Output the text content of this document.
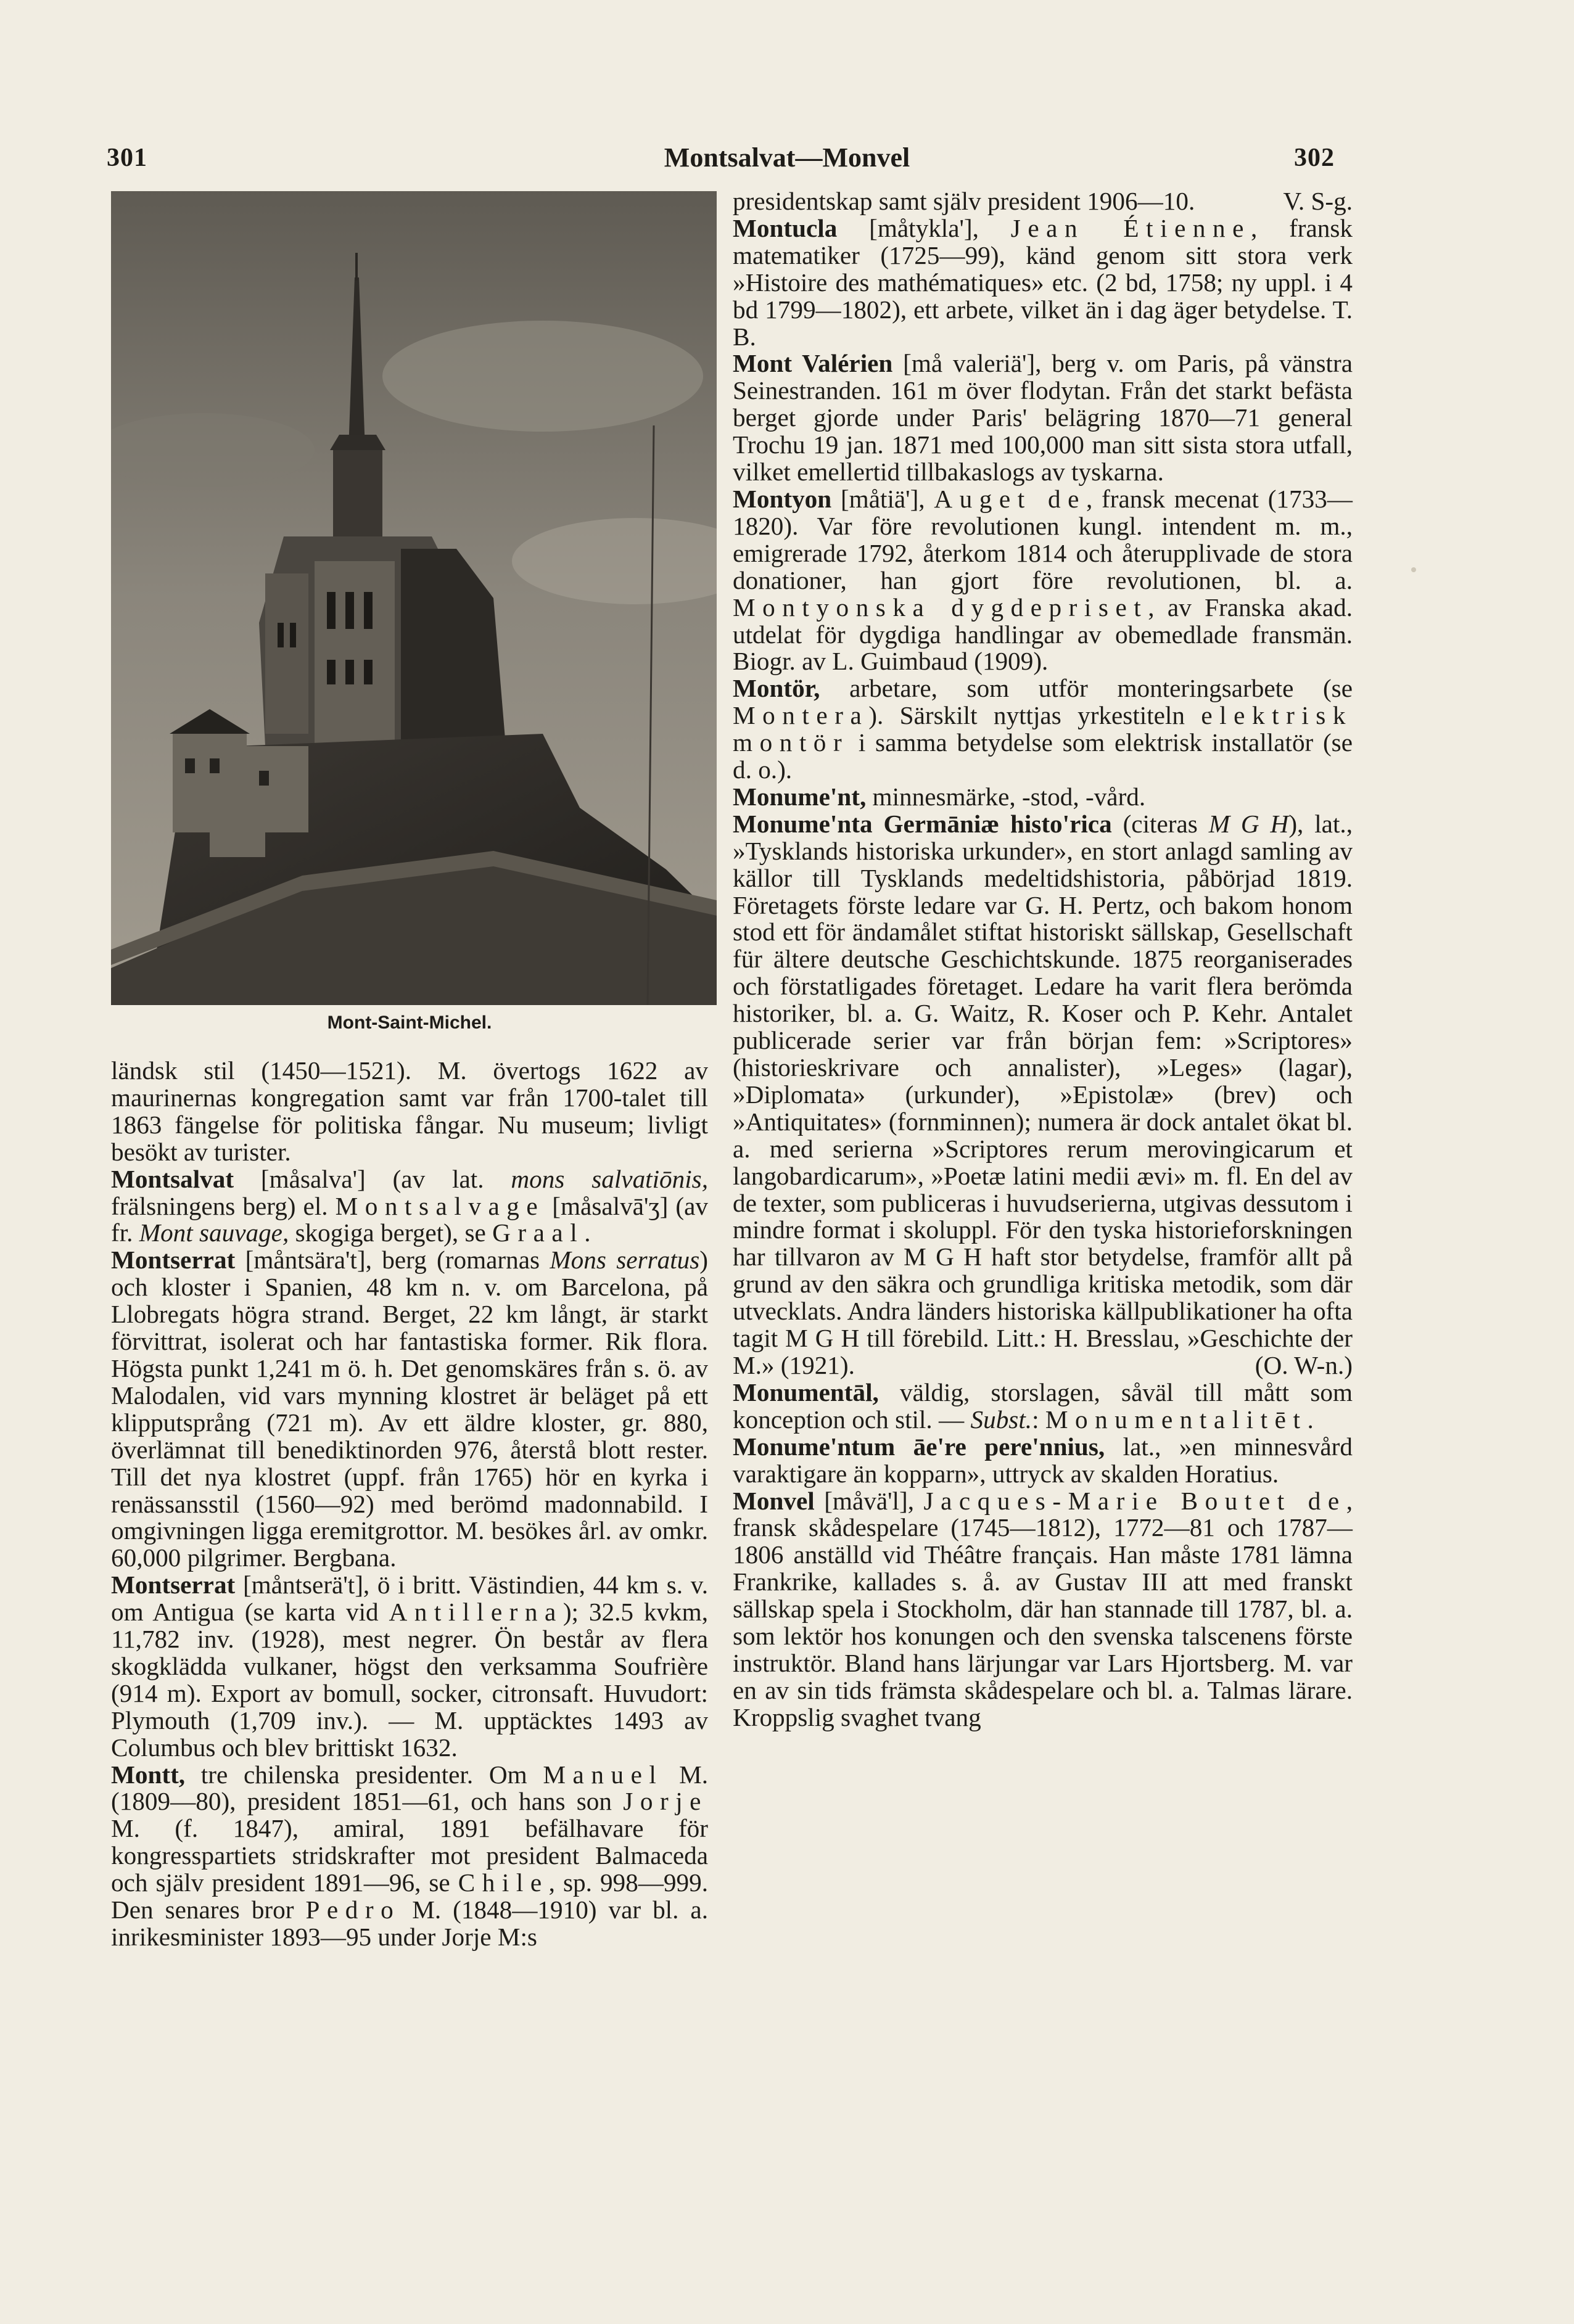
301	Montsalvat—Monvel	302
Mont-Saint-Michel.

ländsk stil (1450—1521). M. övertogs 1622 av maurinernas kongregation samt var från 1700-talet till 1863 fängelse för politiska fångar. Nu museum; livligt besökt av turister.

Montsalvat [måsalva'] (av lat. mons salvatiōnis, frälsningens berg) el. Montsalvage [måsalvā'ʒ] (av fr. Mont sauvage, skogiga berget), se Graal.

Montserrat [måntsära't], berg (romarnas Mons serratus) och kloster i Spanien, 48 km n. v. om Barcelona, på Llobregats högra strand. Berget, 22 km långt, är starkt förvittrat, isolerat och har fantastiska former. Rik flora. Högsta punkt 1,241 m ö. h. Det genomskäres från s. ö. av Malodalen, vid vars mynning klostret är beläget på ett klipputsprång (721 m). Av ett äldre kloster, gr. 880, överlämnat till benediktinorden 976, återstå blott rester. Till det nya klostret (uppf. från 1765) hör en kyrka i renässansstil (1560—92) med berömd madonnabild. I omgivningen ligga eremitgrottor. M. besökes årl. av omkr. 60,000 pilgrimer. Bergbana.

Montserrat [måntserä't], ö i britt. Västindien, 44 km s. v. om Antigua (se karta vid Antillerna); 32.5 kvkm, 11,782 inv. (1928), mest negrer. Ön består av flera skogklädda vulkaner, högst den verksamma Soufrière (914 m). Export av bomull, socker, citronsaft. Huvudort: Plymouth (1,709 inv.). — M. upptäcktes 1493 av Columbus och blev brittiskt 1632.

Montt, tre chilenska presidenter. Om Manuel M. (1809—80), president 1851—61, och hans son Jorje M. (f. 1847), amiral, 1891 befälhavare för kongresspartiets stridskrafter mot president Balmaceda och själv president 1891—96, se Chile, sp. 998—999. Den senares bror Pedro M. (1848—1910) var bl. a. inrikesminister 1893—95 under Jorje M:s

presidentskap samt själv president 1906—10.	V. S-g.

Montucla [måtykla'], Jean Étienne, fransk matematiker (1725—99), känd genom sitt stora verk »Histoire des mathématiques» etc. (2 bd, 1758; ny uppl. i 4 bd 1799—1802), ett arbete, vilket än i dag äger betydelse. T. B.

Mont Valérien [må valeriä'], berg v. om Paris, på vänstra Seinestranden. 161 m över flodytan. Från det starkt befästa berget gjorde under Paris' belägring 1870—71 general Trochu 19 jan. 1871 med 100,000 man sitt sista stora utfall, vilket emellertid tillbakaslogs av tyskarna.

Montyon [måtiä'], Auget de, fransk mecenat (1733—1820). Var före revolutionen kungl. intendent m. m., emigrerade 1792, återkom 1814 och återupplivade de stora donationer, han gjort före revolutionen, bl. a. Montyonska dygdepriset, av Franska akad. utdelat för dygdiga handlingar av obemedlade fransmän. Biogr. av L. Guimbaud (1909).

Montör, arbetare, som utför monteringsarbete (se Montera). Särskilt nyttjas yrkestiteln elektrisk montör i samma betydelse som elektrisk installatör (se d. o.).

Monume'nt, minnesmärke, -stod, -vård.

Monume'nta Germāniæ histo'rica (citeras M G H), lat., »Tysklands historiska urkunder», en stort anlagd samling av källor till Tysklands medeltidshistoria, påbörjad 1819. Företagets förste ledare var G. H. Pertz, och bakom honom stod ett för ändamålet stiftat historiskt sällskap, Gesellschaft für ältere deutsche Geschichtskunde. 1875 reorganiserades och förstatligades företaget. Ledare ha varit flera berömda historiker, bl. a. G. Waitz, R. Koser och P. Kehr. Antalet publicerade serier var från början fem: »Scriptores» (historieskrivare och annalister), »Leges» (lagar), »Diplomata» (urkunder), »Epistolæ» (brev) och »Antiquitates» (fornminnen); numera är dock antalet ökat bl. a. med serierna »Scriptores rerum merovingicarum et langobardicarum», »Poetæ latini medii ævi» m. fl. En del av de texter, som publiceras i huvudserierna, utgivas dessutom i mindre format i skoluppl. För den tyska historieforskningen har tillvaron av M G H haft stor betydelse, framför allt på grund av den säkra och grundliga kritiska metodik, som där utvecklats. Andra länders historiska källpublikationer ha ofta tagit M G H till förebild. Litt.: H. Bresslau, »Geschichte der M.» (1921).	(O. W-n.)

Monumentāl, väldig, storslagen, såväl till mått som konception och stil. — Subst.: Monumentalitēt.

Monume'ntum āe're pere'nnius, lat., »en minnesvård varaktigare än kopparn», uttryck av skalden Horatius.

Monvel [måvä'l], Jacques-Marie Boutet de, fransk skådespelare (1745—1812), 1772—81 och 1787—1806 anställd vid Théâtre français. Han måste 1781 lämna Frankrike, kallades s. å. av Gustav III att med franskt sällskap spela i Stockholm, där han stannade till 1787, bl. a. som lektör hos konungen och den svenska talscenens förste instruktör. Bland hans lärjungar var Lars Hjortsberg. M. var en av sin tids främsta skådespelare och bl. a. Talmas lärare. Kroppslig svaghet tvang
